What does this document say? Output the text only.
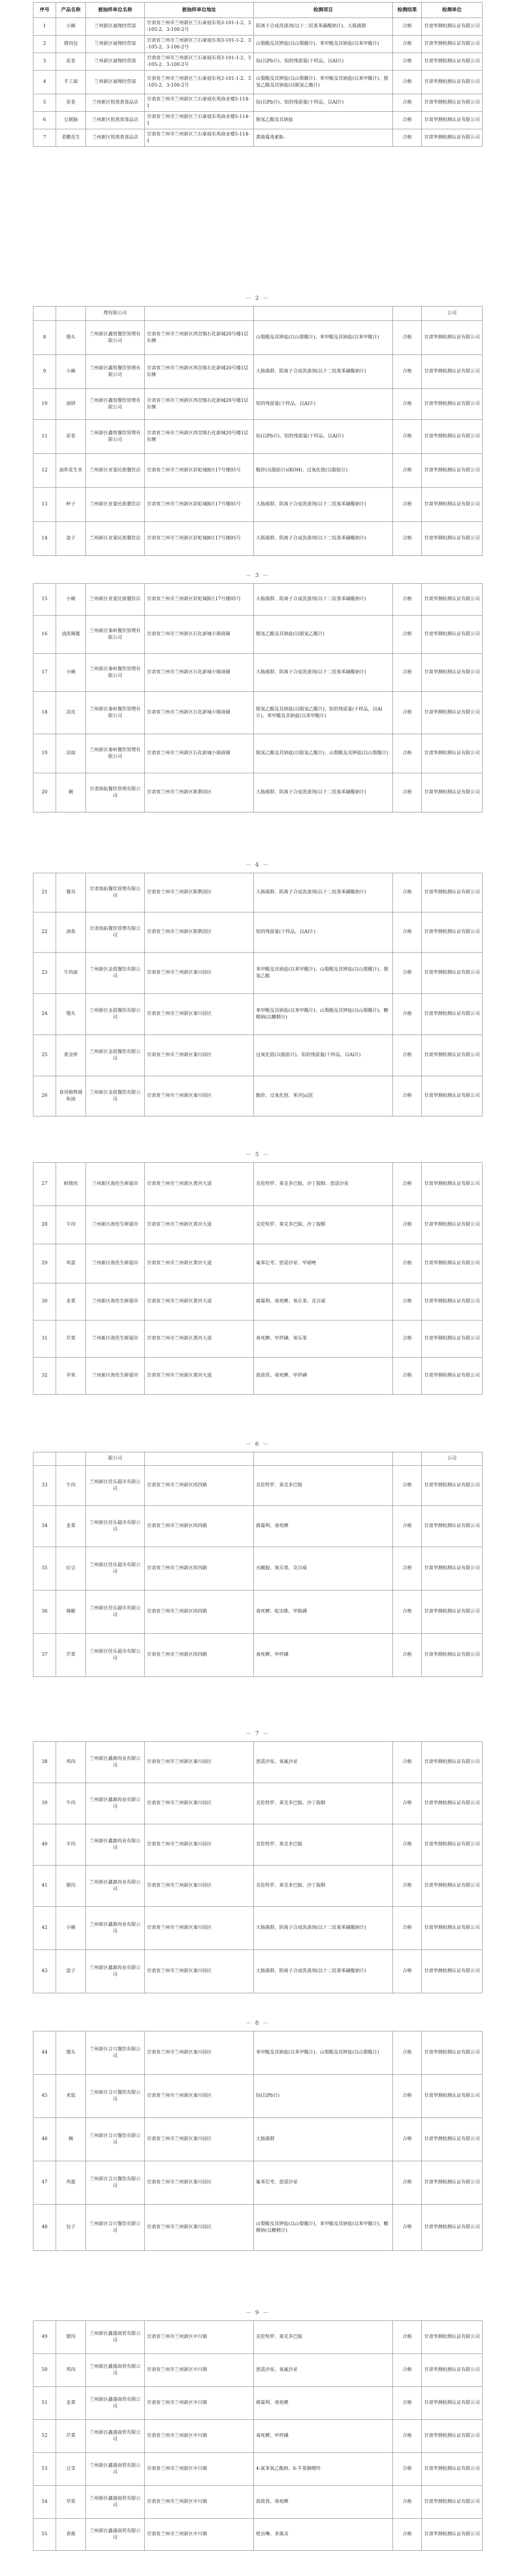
序号	产品名称	被抽样单位名称	被抽样单位地址	检测项目	检测结果	检测单位
1	小碗	兰州新区福翔经营部	甘肃省兰州市兰州新区兰石豪庭东苑3-101-1-2、3-105-2、3-100-2号	阴离子合成洗涤剂(以十二烷基苯磺酸钠计)、大肠菌群	合格	甘肃华测检测认证有限公司
2	猪肉包	兰州新区福翔经营部	甘肃省兰州市兰州新区兰石豪庭东苑3-101-1-2、3-105-2、3-100-2号	山梨酸及其钾盐(以山梨酸计)、苯甲酸及其钠盐(以苯甲酸计)	合格	甘肃华测检测认证有限公司
3	花卷	兰州新区福翔经营部	甘肃省兰州市兰州新区兰石豪庭东苑3-101-1-2、3-105-2、3-100-2号	铅(以Pb计)、铝的残留量(干样品，以Al计)	合格	甘肃华测检测认证有限公司
4	手工面	兰州新区福翔经营部	甘肃省兰州市兰州新区兰石豪庭东苑3-101-1-2、3-105-2、3-100-2号	山梨酸及其钾盐(以山梨酸计)、苯甲酸及其钠盐(以苯甲酸计)、脱氢乙酸及其钠盐(以脱氢乙酸计)	合格	甘肃华测检测认证有限公司
5	花卷	兰州新区悦蒸蒸食品店	甘肃省兰州市兰州新区兰石豪庭东苑商业楼5-114-1	铅(以Pb计)、铝的残留量(干样品，以Al计)	合格	甘肃华测检测认证有限公司
6	豆腐脑	兰州新区悦蒸蒸食品店	甘肃省兰州市兰州新区兰石豪庭东苑商业楼5-114-1	脱氢乙酸及其钠盐	合格	甘肃华测检测认证有限公司
7	老醋花生	兰州新区悦蒸蒸食品店	甘肃省兰州市兰州新区兰石豪庭东苑商业楼5-114-1	黄曲霉毒素B₁	合格	甘肃华测检测认证有限公司
		理有限公司				公司
8	馒头	兰州新区鑫悦餐饮管理有限公司	甘肃省兰州市兰州新区西岔镇石化新城20号楼1层东侧	山梨酸及其钾盐(以山梨酸计)、苯甲酸及其钠盐(以苯甲酸计)	合格	甘肃华测检测认证有限公司
9	小碗	兰州新区鑫悦餐饮管理有限公司	甘肃省兰州市兰州新区西岔镇石化新城20号楼1层东侧	大肠菌群、阴离子合成洗涤剂(以十二烷基苯磺酸钠计)	合格	甘肃华测检测认证有限公司
10	油饼	兰州新区鑫悦餐饮管理有限公司	甘肃省兰州市兰州新区西岔镇石化新城20号楼1层东侧	铝的残留量(干样品，以Al计)	合格	甘肃华测检测认证有限公司
11	花卷	兰州新区鑫悦餐饮管理有限公司	甘肃省兰州市兰州新区西岔镇石化新城20号楼1层东侧	铅(以Pb计)、铝的残留量(干样品，以Al计)	合格	甘肃华测检测认证有限公司
12	油炸花生米	兰州新区亚蒙民族餐饮店	甘肃省兰州市兰州新区彩虹城B区17号楼05号	酸价(以脂肪计)(KOH)、过氧化值(以脂肪计)	合格	甘肃华测检测认证有限公司
13	杯子	兰州新区亚蒙民族餐饮店	甘肃省兰州市兰州新区彩虹城B区17号楼05号	大肠菌群、阴离子合成洗涤剂(以十二烷基苯磺酸钠计)	合格	甘肃华测检测认证有限公司
14	盘子	兰州新区亚蒙民族餐饮店	甘肃省兰州市兰州新区彩虹城B区17号楼05号	大肠菌群、阴离子合成洗涤剂(以十二烷基苯磺酸钠计)	合格	甘肃华测检测认证有限公司
15	小碗	兰州新区亚蒙民族餐饮店	甘肃省兰州市兰州新区彩虹城B区17号楼05号	大肠菌群、阴离子合成洗涤剂(以十二烷基苯磺酸钠计)	合格	甘肃华测检测认证有限公司
16	油泼辣酱	兰州新区秦岭餐饮管理有限公司	甘肃省兰州市兰州新区石化新城小镇商铺	脱氢乙酸及其钠盐(以脱氢乙酸计)	合格	甘肃华测检测认证有限公司
17	小碗	兰州新区秦岭餐饮管理有限公司	甘肃省兰州市兰州新区石化新城小镇商铺	大肠菌群、阴离子合成洗涤剂(以十二烷基苯磺酸钠计)	合格	甘肃华测检测认证有限公司
18	凉皮	兰州新区秦岭餐饮管理有限公司	甘肃省兰州市兰州新区石化新城小镇商铺	脱氢乙酸及其钠盐(以脱氢乙酸计)、铝的残留量(干样品，以Al计)、苯甲酸及其钠盐(以苯甲酸计)	合格	甘肃华测检测认证有限公司
19	凉面	兰州新区秦岭餐饮管理有限公司	甘肃省兰州市兰州新区石化新城小镇商铺	脱氢乙酸及其钠盐(以脱氢乙酸计)、山梨酸及其钾盐(以山梨酸计)	合格	甘肃华测检测认证有限公司
20	碗	甘肃海拓餐饮管理有限公司	甘肃省兰州市兰州新区职教园区	大肠菌群、阴离子合成洗涤剂(以十二烷基苯磺酸钠计)	合格	甘肃华测检测认证有限公司
21	餐具	甘肃海拓餐饮管理有限公司	甘肃省兰州市兰州新区职教园区	大肠菌群、阴离子合成洗涤剂(以十二烷基苯磺酸钠计)	合格	甘肃华测检测认证有限公司
22	油条	甘肃海拓餐饮管理有限公司	甘肃省兰州市兰州新区职教园区	铝的残留量(干样品，以Al计)	合格	甘肃华测检测认证有限公司
23	牛肉面	兰州新区金晨餐饮有限公司	甘肃省兰州市兰州新区秦川园区	苯甲酸及其钠盐(以苯甲酸计)、山梨酸及其钾盐(以山梨酸计)、脱氢乙酸	合格	甘肃华测检测认证有限公司
24	馒头	兰州新区金晨餐饮有限公司	甘肃省兰州市兰州新区秦川园区	苯甲酸及其钠盐(以苯甲酸计)、山梨酸及其钾盐(以山梨酸计)、糖精钠(以糖精计)	合格	甘肃华测检测认证有限公司
25	黄金饼	兰州新区金晨餐饮有限公司	甘肃省兰州市兰州新区秦川园区	过氧化值(以脂肪计)、铝的残留量(干样品，以Al计)	合格	甘肃华测检测认证有限公司
26	食用植物调和油	兰州新区金晨餐饮有限公司	甘肃省兰州市兰州新区秦川园区	酸价、过氧化值、苯并[a]芘	合格	甘肃华测检测认证有限公司
27	鲜猪肉	兰州新区海佳生鲜超市	甘肃省兰州市兰州新区黄河大道	克伦特罗、莱克多巴胺、沙丁胺醇、恩诺沙星	合格	甘肃华测检测认证有限公司
28	牛肉	兰州新区海佳生鲜超市	甘肃省兰州市兰州新区黄河大道	克伦特罗、莱克多巴胺、沙丁胺醇	合格	甘肃华测检测认证有限公司
29	鸡蛋	兰州新区海佳生鲜超市	甘肃省兰州市兰州新区黄河大道	氟苯尼考、恩诺沙星、甲硝唑	合格	甘肃华测检测认证有限公司
30	韭菜	兰州新区海佳生鲜超市	甘肃省兰州市兰州新区黄河大道	腐霉利、毒死蜱、氧乐果、克百威	合格	甘肃华测检测认证有限公司
31	芹菜	兰州新区海佳生鲜超市	甘肃省兰州市兰州新区黄河大道	毒死蜱、甲拌磷、氧乐果	合格	甘肃华测检测认证有限公司
32	苹果	兰州新区海佳生鲜超市	甘肃省兰州市兰州新区黄河大道	敌敌畏、毒死蜱、甲拌磷	合格	甘肃华测检测认证有限公司
		限公司				公司
33	牛肉	兰州新区佳乐超市有限公司	甘肃省兰州市兰州新区纬四路	克伦特罗、莱克多巴胺	合格	甘肃华测检测认证有限公司
34	韭菜	兰州新区佳乐超市有限公司	甘肃省兰州市兰州新区纬四路	腐霉利、毒死蜱	合格	甘肃华测检测认证有限公司
35	豇豆	兰州新区佳乐超市有限公司	甘肃省兰州市兰州新区纬四路	灭蝇胺、氧乐果、克百威	合格	甘肃华测检测认证有限公司
36	辣椒	兰州新区佳乐超市有限公司	甘肃省兰州市兰州新区纬四路	毒死蜱、啶虫脒、甲胺磷	合格	甘肃华测检测认证有限公司
37	芹菜	兰州新区佳乐超市有限公司	甘肃省兰州市兰州新区纬四路	毒死蜱、甲拌磷	合格	甘肃华测检测认证有限公司
38	鸡肉	兰州新区鑫源肉业有限公司	甘肃省兰州市兰州新区秦川园区	恩诺沙星、氧氟沙星	合格	甘肃华测检测认证有限公司
39	牛肉	兰州新区鑫源肉业有限公司	甘肃省兰州市兰州新区秦川园区	克伦特罗、莱克多巴胺、沙丁胺醇	合格	甘肃华测检测认证有限公司
40	羊肉	兰州新区鑫源肉业有限公司	甘肃省兰州市兰州新区秦川园区	克伦特罗、莱克多巴胺	合格	甘肃华测检测认证有限公司
41	猪肉	兰州新区鑫源肉业有限公司	甘肃省兰州市兰州新区秦川园区	克伦特罗、莱克多巴胺、沙丁胺醇	合格	甘肃华测检测认证有限公司
42	小碗	兰州新区鑫源肉业有限公司	甘肃省兰州市兰州新区秦川园区	大肠菌群、阴离子合成洗涤剂(以十二烷基苯磺酸钠计)	合格	甘肃华测检测认证有限公司
43	盘子	兰州新区鑫源肉业有限公司	甘肃省兰州市兰州新区秦川园区	大肠菌群、阴离子合成洗涤剂(以十二烷基苯磺酸钠计)	合格	甘肃华测检测认证有限公司
44	馒头	兰州新区合兴餐饮有限公司	甘肃省兰州市兰州新区秦川园区	苯甲酸及其钠盐(以苯甲酸计)、山梨酸及其钾盐(以山梨酸计)	合格	甘肃华测检测认证有限公司
45	米饭	兰州新区合兴餐饮有限公司	甘肃省兰州市兰州新区秦川园区	铅(以Pb计)	合格	甘肃华测检测认证有限公司
46	碗	兰州新区合兴餐饮有限公司	甘肃省兰州市兰州新区秦川园区	大肠菌群	合格	甘肃华测检测认证有限公司
47	鸡蛋	兰州新区合兴餐饮有限公司	甘肃省兰州市兰州新区秦川园区	氟苯尼考、恩诺沙星	合格	甘肃华测检测认证有限公司
48	包子	兰州新区合兴餐饮有限公司	甘肃省兰州市兰州新区秦川园区	山梨酸及其钾盐(以山梨酸计)、苯甲酸及其钠盐(以苯甲酸计)、糖精钠(以糖精计)	合格	甘肃华测检测认证有限公司
49	猪肉	兰州新区鑫盛商贸有限公司	甘肃省兰州市兰州新区中川镇	克伦特罗、莱克多巴胺	合格	甘肃华测检测认证有限公司
50	鸡肉	兰州新区鑫盛商贸有限公司	甘肃省兰州市兰州新区中川镇	恩诺沙星、氧氟沙星	合格	甘肃华测检测认证有限公司
51	韭菜	兰州新区鑫盛商贸有限公司	甘肃省兰州市兰州新区中川镇	腐霉利、毒死蜱	合格	甘肃华测检测认证有限公司
52	芹菜	兰州新区鑫盛商贸有限公司	甘肃省兰州市兰州新区中川镇	毒死蜱、甲拌磷	合格	甘肃华测检测认证有限公司
53	豆芽	兰州新区鑫盛商贸有限公司	甘肃省兰州市兰州新区中川镇	4-氯苯氧乙酸钠、6-苄基腺嘌呤	合格	甘肃华测检测认证有限公司
54	苹果	兰州新区鑫盛商贸有限公司	甘肃省兰州市兰州新区中川镇	敌敌畏、毒死蜱	合格	甘肃华测检测认证有限公司
55	香蕉	兰州新区鑫盛商贸有限公司	甘肃省兰州市兰州新区中川镇	吡虫啉、多菌灵	合格	甘肃华测检测认证有限公司

－ 2 －
－ 3 －
－ 4 －
－ 5 －
－ 6 －
－ 7 －
－ 8 －
－ 9 －
